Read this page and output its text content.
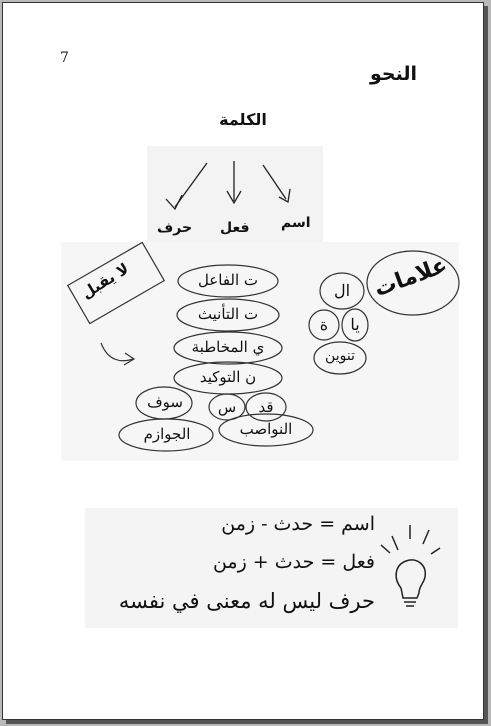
7
النحو
الكلمة
حرف فعل اسم
علامات
لا يقبل	ال
يا
ة
تنوين
ت الفاعل
ت التأنيث
ي المخاطبة
ن التوكيد
قد
س
سوف
النواصب
الجوازم
اسم = حدث - زمن
فعل = حدث + زمن
حرف ليس له معنى في نفسه
